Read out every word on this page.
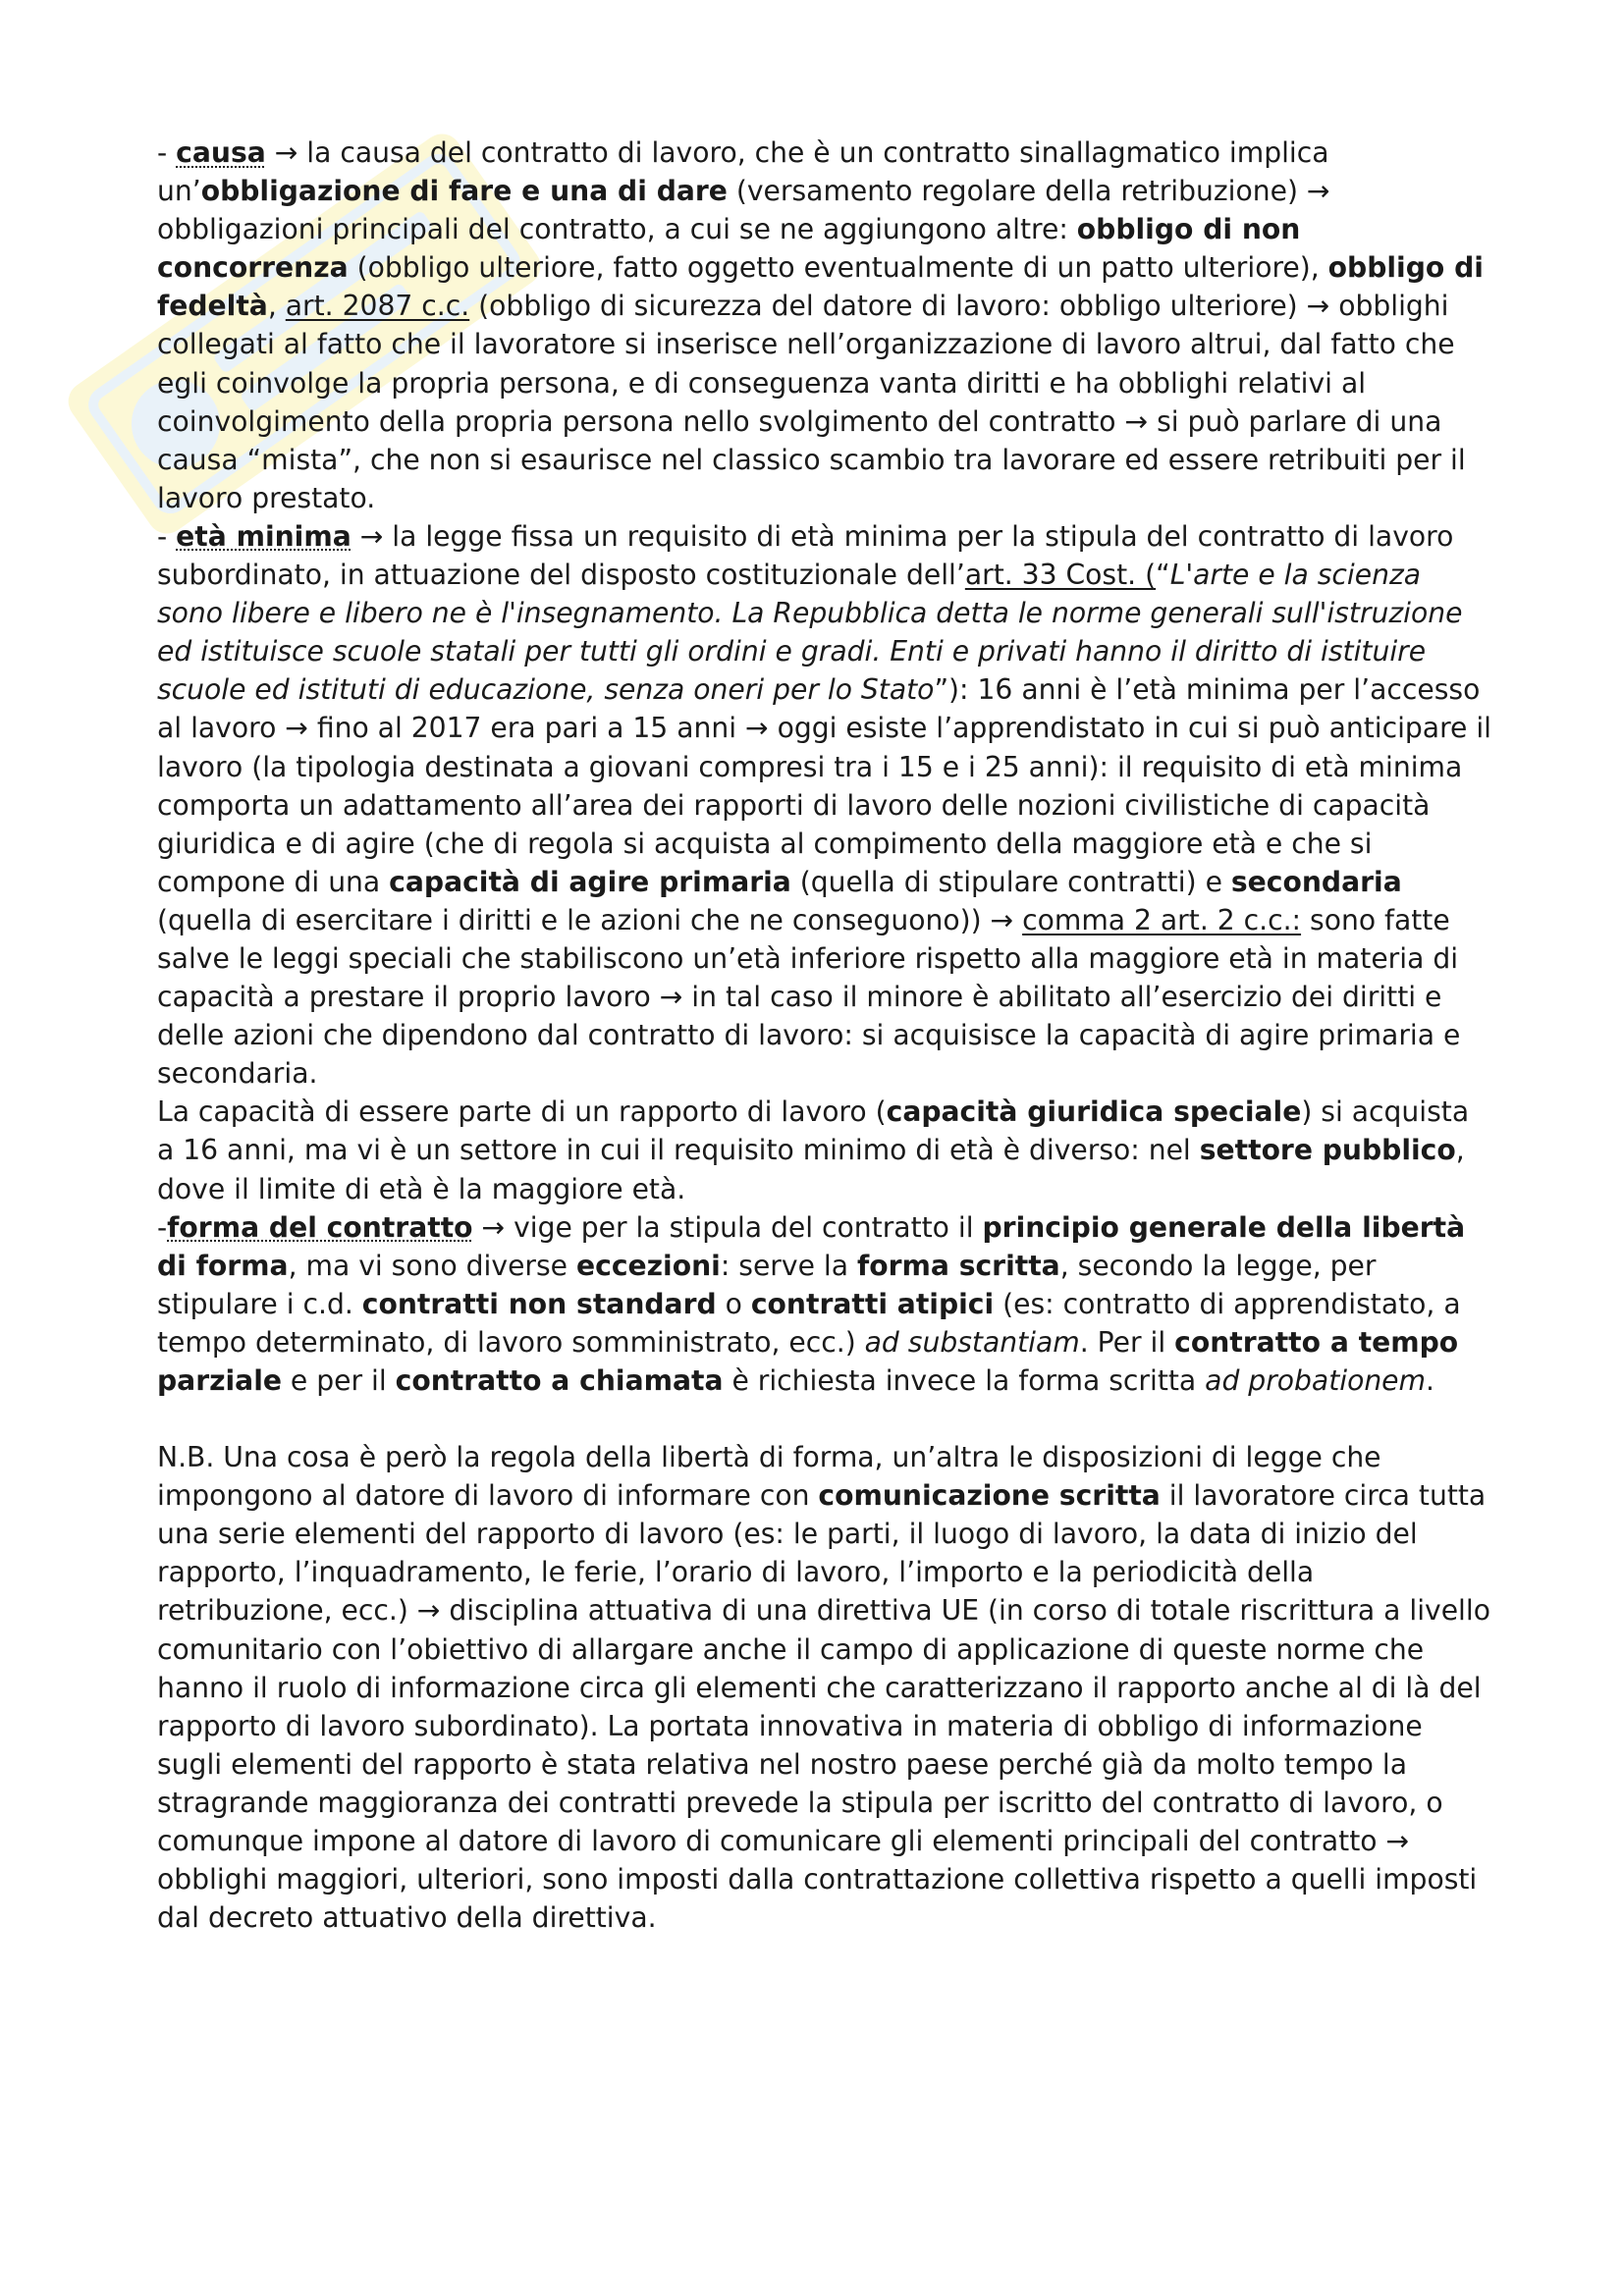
- causa → la causa del contratto di lavoro, che è un contratto sinallagmatico implica un’obbligazione di fare e una di dare (versamento regolare della retribuzione) → obbligazioni principali del contratto, a cui se ne aggiungono altre: obbligo di non concorrenza (obbligo ulteriore, fatto oggetto eventualmente di un patto ulteriore), obbligo di fedeltà, art. 2087 c.c. (obbligo di sicurezza del datore di lavoro: obbligo ulteriore) → obblighi collegati al fatto che il lavoratore si inserisce nell’organizzazione di lavoro altrui, dal fatto che egli coinvolge la propria persona, e di conseguenza vanta diritti e ha obblighi relativi al coinvolgimento della propria persona nello svolgimento del contratto → si può parlare di una causa “mista”, che non si esaurisce nel classico scambio tra lavorare ed essere retribuiti per il lavoro prestato.

- età minima → la legge fissa un requisito di età minima per la stipula del contratto di lavoro subordinato, in attuazione del disposto costituzionale dell’art. 33 Cost. (“L'arte e la scienza sono libere e libero ne è l'insegnamento. La Repubblica detta le norme generali sull'istruzione ed istituisce scuole statali per tutti gli ordini e gradi. Enti e privati hanno il diritto di istituire scuole ed istituti di educazione, senza oneri per lo Stato”): 16 anni è l’età minima per l’accesso al lavoro → fino al 2017 era pari a 15 anni → oggi esiste l’apprendistato in cui si può anticipare il lavoro (la tipologia destinata a giovani compresi tra i 15 e i 25 anni): il requisito di età minima comporta un adattamento all’area dei rapporti di lavoro delle nozioni civilistiche di capacità giuridica e di agire (che di regola si acquista al compimento della maggiore età e che si compone di una capacità di agire primaria (quella di stipulare contratti) e secondaria (quella di esercitare i diritti e le azioni che ne conseguono)) → comma 2 art. 2 c.c.: sono fatte salve le leggi speciali che stabiliscono un’età inferiore rispetto alla maggiore età in materia di capacità a prestare il proprio lavoro → in tal caso il minore è abilitato all’esercizio dei diritti e delle azioni che dipendono dal contratto di lavoro: si acquisisce la capacità di agire primaria e secondaria.

La capacità di essere parte di un rapporto di lavoro (capacità giuridica speciale) si acquista a 16 anni, ma vi è un settore in cui il requisito minimo di età è diverso: nel settore pubblico, dove il limite di età è la maggiore età.

-forma del contratto → vige per la stipula del contratto il principio generale della libertà di forma, ma vi sono diverse eccezioni: serve la forma scritta, secondo la legge, per stipulare i c.d. contratti non standard o contratti atipici (es: contratto di apprendistato, a tempo determinato, di lavoro somministrato, ecc.) ad substantiam. Per il contratto a tempo parziale e per il contratto a chiamata è richiesta invece la forma scritta ad probationem.

N.B. Una cosa è però la regola della libertà di forma, un’altra le disposizioni di legge che impongono al datore di lavoro di informare con comunicazione scritta il lavoratore circa tutta una serie elementi del rapporto di lavoro (es: le parti, il luogo di lavoro, la data di inizio del rapporto, l’inquadramento, le ferie, l’orario di lavoro, l’importo e la periodicità della retribuzione, ecc.) → disciplina attuativa di una direttiva UE (in corso di totale riscrittura a livello comunitario con l’obiettivo di allargare anche il campo di applicazione di queste norme che hanno il ruolo di informazione circa gli elementi che caratterizzano il rapporto anche al di là del rapporto di lavoro subordinato). La portata innovativa in materia di obbligo di informazione sugli elementi del rapporto è stata relativa nel nostro paese perché già da molto tempo la stragrande maggioranza dei contratti prevede la stipula per iscritto del contratto di lavoro, o comunque impone al datore di lavoro di comunicare gli elementi principali del contratto → obblighi maggiori, ulteriori, sono imposti dalla contrattazione collettiva rispetto a quelli imposti dal decreto attuativo della direttiva.
